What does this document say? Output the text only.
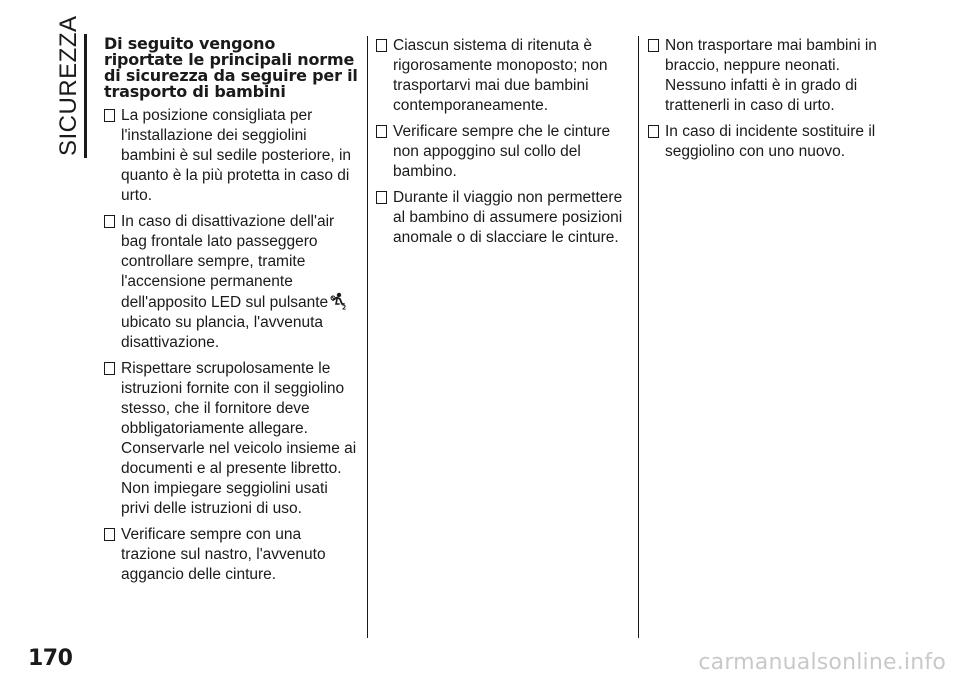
SICUREZZA Di seguito vengono riportate le principali norme di sicurezza da seguire per il trasporto di bambini
La posizione consigliata per l'installazione dei seggiolini bambini è sul sedile posteriore, in quanto è la più protetta in caso di urto.
In caso di disattivazione dell'air bag frontale lato passeggero controllare sempre, tramite l'accensione permanente dell'apposito LED sul pulsante 2
ubicato su plancia, l'avvenuta disattivazione.
Rispettare scrupolosamente le istruzioni fornite con il seggiolino stesso, che il fornitore deve obbligatoriamente allegare. Conservarle nel veicolo insieme ai documenti e al presente libretto. Non impiegare seggiolini usati privi delle istruzioni di uso.
Verificare sempre con una trazione sul nastro, l'avvenuto aggancio delle cinture.
Ciascun sistema di ritenuta è rigorosamente monoposto; non trasportarvi mai due bambini contemporaneamente.
Verificare sempre che le cinture non appoggino sul collo del bambino.
Durante il viaggio non permettere al bambino di assumere posizioni anomale o di slacciare le cinture.
Non trasportare mai bambini in braccio, neppure neonati. Nessuno infatti è in grado di trattenerli in caso di urto.
In caso di incidente sostituire il seggiolino con uno nuovo.
170	carmanualsonline.info
